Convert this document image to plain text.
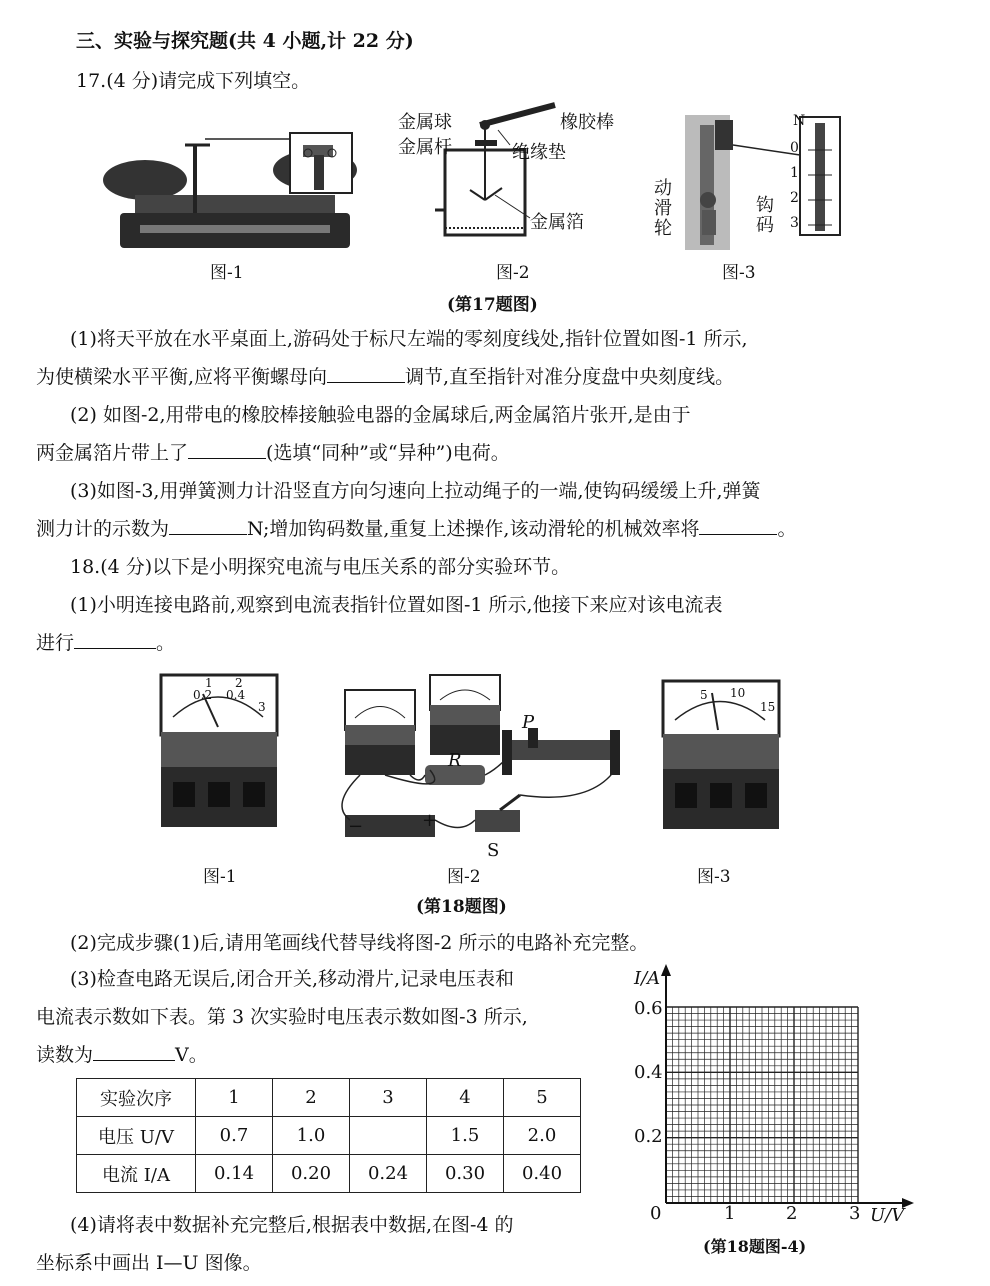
三、实验与探究题(共 4 小题,计 22 分)
17.(4 分)请完成下列填空。
金属球
金属杆
橡胶棒
绝缘垫
金属箔
N
0
1
2
3
动滑轮	钩码
图-1	图-2	图-3
(第17题图)
(1)将天平放在水平桌面上,游码处于标尺左端的零刻度线处,指针位置如图-1 所示,
为使横梁水平平衡,应将平衡螺母向	调节,直至指针对准分度盘中央刻度线。
(2) 如图-2,用带电的橡胶棒接触验电器的金属球后,两金属箔片张开,是由于
两金属箔片带上了	(选填“同种”或“异种”)电荷。
(3)如图-3,用弹簧测力计沿竖直方向匀速向上拉动绳子的一端,使钩码缓缓上升,弹簧
测力计的示数为	N;增加钩码数量,重复上述操作,该动滑轮的机械效率将	。
18.(4 分)以下是小明探究电流与电压关系的部分实验环节。
(1)小明连接电路前,观察到电流表指针位置如图-1 所示,他接下来应对该电流表
进行	。
0.2 0.4
1 2
3
R
P
S
−	+
5 10
15
图-1	图-2	图-3
(第18题图)
(2)完成步骤(1)后,请用笔画线代替导线将图-2 所示的电路补充完整。
(3)检查电路无误后,闭合开关,移动滑片,记录电压表和
电流表示数如下表。第 3 次实验时电压表示数如图-3 所示,
读数为	V。
实验次序	1	2	3	4	5
电压 U/V	0.7	1.0		1.5	2.0
电流 I/A	0.14	0.20	0.24	0.30	0.40
(4)请将表中数据补充完整后,根据表中数据,在图-4 的
坐标系中画出 I—U 图像。
I/A
U/V
0.6
0.4
0.2
0	1	2	3
(第18题图-4)
